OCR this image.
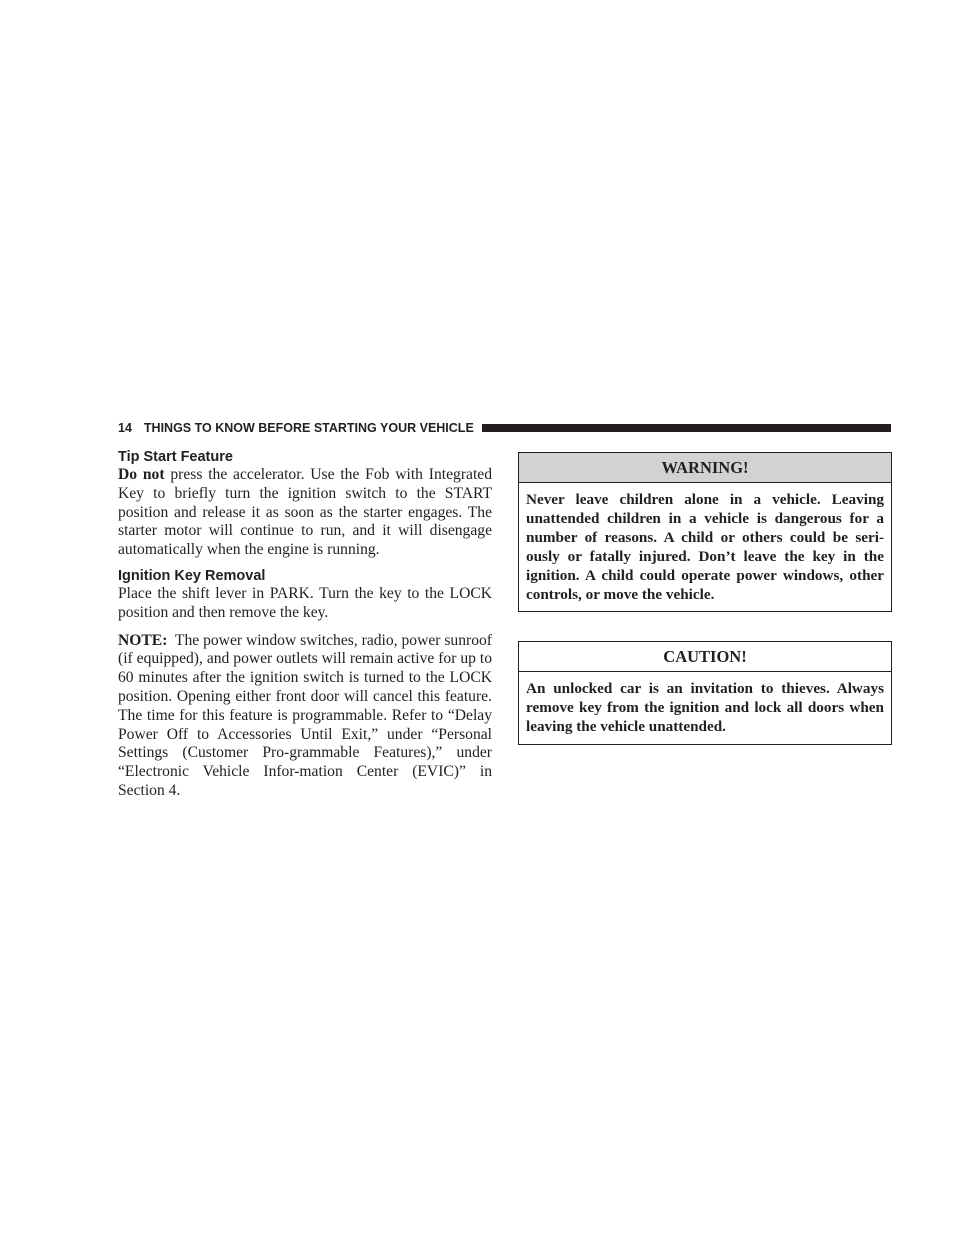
14 THINGS TO KNOW BEFORE STARTING YOUR VEHICLE
Tip Start Feature

Do not press the accelerator. Use the Fob with Integrated Key to briefly turn the ignition switch to the START position and release it as soon as the starter engages. The starter motor will continue to run, and it will disengage automatically when the engine is running.

Ignition Key Removal

Place the shift lever in PARK. Turn the key to the LOCK position and then remove the key.

NOTE:  The power window switches, radio, power sunroof (if equipped), and power outlets will remain active for up to 60 minutes after the ignition switch is turned to the LOCK position. Opening either front door will cancel this feature. The time for this feature is programmable. Refer to “Delay Power Off to Accessories Until Exit,” under “Personal Settings (Customer Pro-grammable Features),” under “Electronic Vehicle Infor-mation Center (EVIC)” in Section 4.

WARNING!

Never leave children alone in a vehicle. Leaving unattended children in a vehicle is dangerous for a number of reasons. A child or others could be seri-ously or fatally injured. Don’t leave the key in the ignition. A child could operate power windows, other controls, or move the vehicle.

CAUTION!

An unlocked car is an invitation to thieves. Always remove key from the ignition and lock all doors when leaving the vehicle unattended.
